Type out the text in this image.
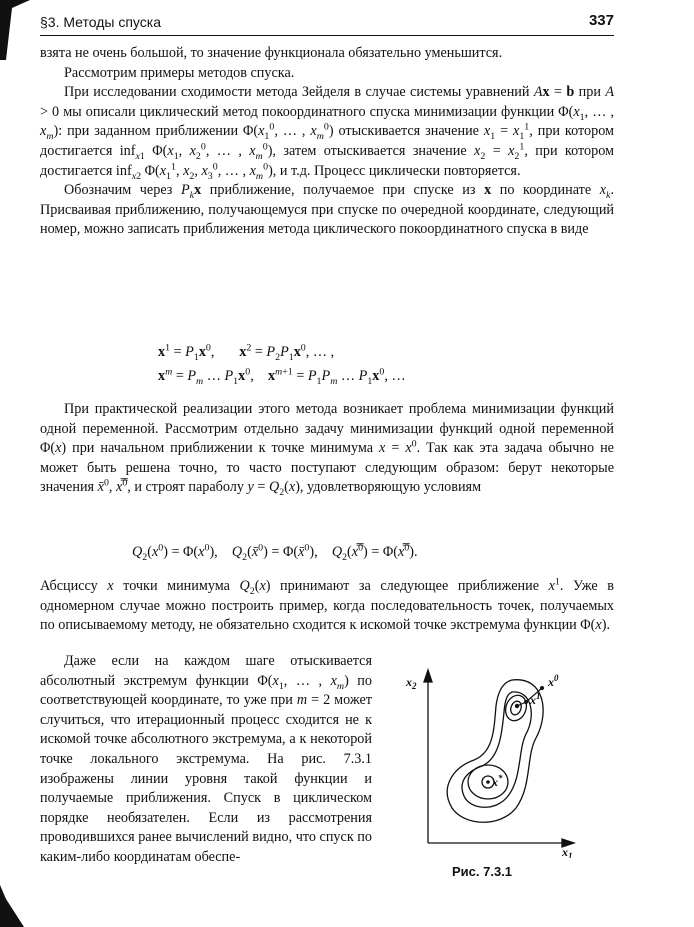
§3. Методы спуска	337

взята не очень большой, то значение функционала обязательно уменьшится.

Рассмотрим примеры методов спуска.

При исследовании сходимости метода Зейделя в случае системы уравнений Ax = b при A > 0 мы описали циклический метод покоординатного спуска минимизации функции $\Phi(x_1$, … , $x_m$): при заданном приближении $\Phi(x_1^0$, … , $x_m^0$) отыскивается значение $x_1 = x_1^1$, при котором достигается inf$_{x1}$ $\Phi(x_1$, $x_2^0$, … , $x_m^0$), затем отыскивается значение $x_2 = x_2^1$, при котором достигается inf$_{x2}$ $\Phi(x_1^1$, $x_2$, $x_3^0$, … , $x_m^0$), и т.д. Процесс циклически повторяется.

Обозначим через $P_kx$ приближение, получаемое при спуске из x по координате $x_k$. Присваивая приближению, получающемуся при спуске по очередной координате, следующий номер, можно записать приближения метода циклического покоординатного спуска в виде

$x^1 = P_1x^0$,       $x^2 = P_2P_1x^0$, … ,
$x^m = P_m$ … $P_1x^0$,    $x^{m+1} = P_1P_m$ … $P_1x^0$, …

При практической реализации этого метода возникает проблема минимизации функций одной переменной. Рассмотрим отдельно задачу минимизации функций одной переменной Φ(x) при начальном приближении к точке минимума $x = x^0$. Так как эта задача обычно не может быть решена точно, то часто поступают следующим образом: берут некоторые значения x̄$^0$, x̿$^0$, и строят параболу $y = Q_2(x)$, удовлетворяющую условиям

$Q_2(x^0) = \Phi(x^0)$,    $Q_2(x̄^0)$ = Φ(x̄$^0$),    $Q_2(x̿^0)$ = Φ(x̿$^0$).

Абсциссу x точки минимума $Q_2(x)$ принимают за следующее приближение $x^1$. Уже в одномерном случае можно построить пример, когда последовательность точек, получаемых по описываемому методу, не обязательно сходится к искомой точке экстремума функции Φ(x).

Даже если на каждом шаге отыскивается абсолютный экстремум функции $\Phi(x_1$, … , $x_m$) по соответствующей координате, то уже при m = 2 может случиться, что итерационный процесс сходится не к искомой точке абсолютного экстремума, а к некоторой точке локального экстремума. На рис. 7.3.1 изображены линии уровня такой функции и получаемые приближения. Спуск в циклическом порядке необязателен. Если из рассмотрения проводившихся ранее вычислений видно, что спуск по каким-либо координатам обеспе-

$x_2$
$x_1$
$x^0$
$x^1$
x*
Рис. 7.3.1
